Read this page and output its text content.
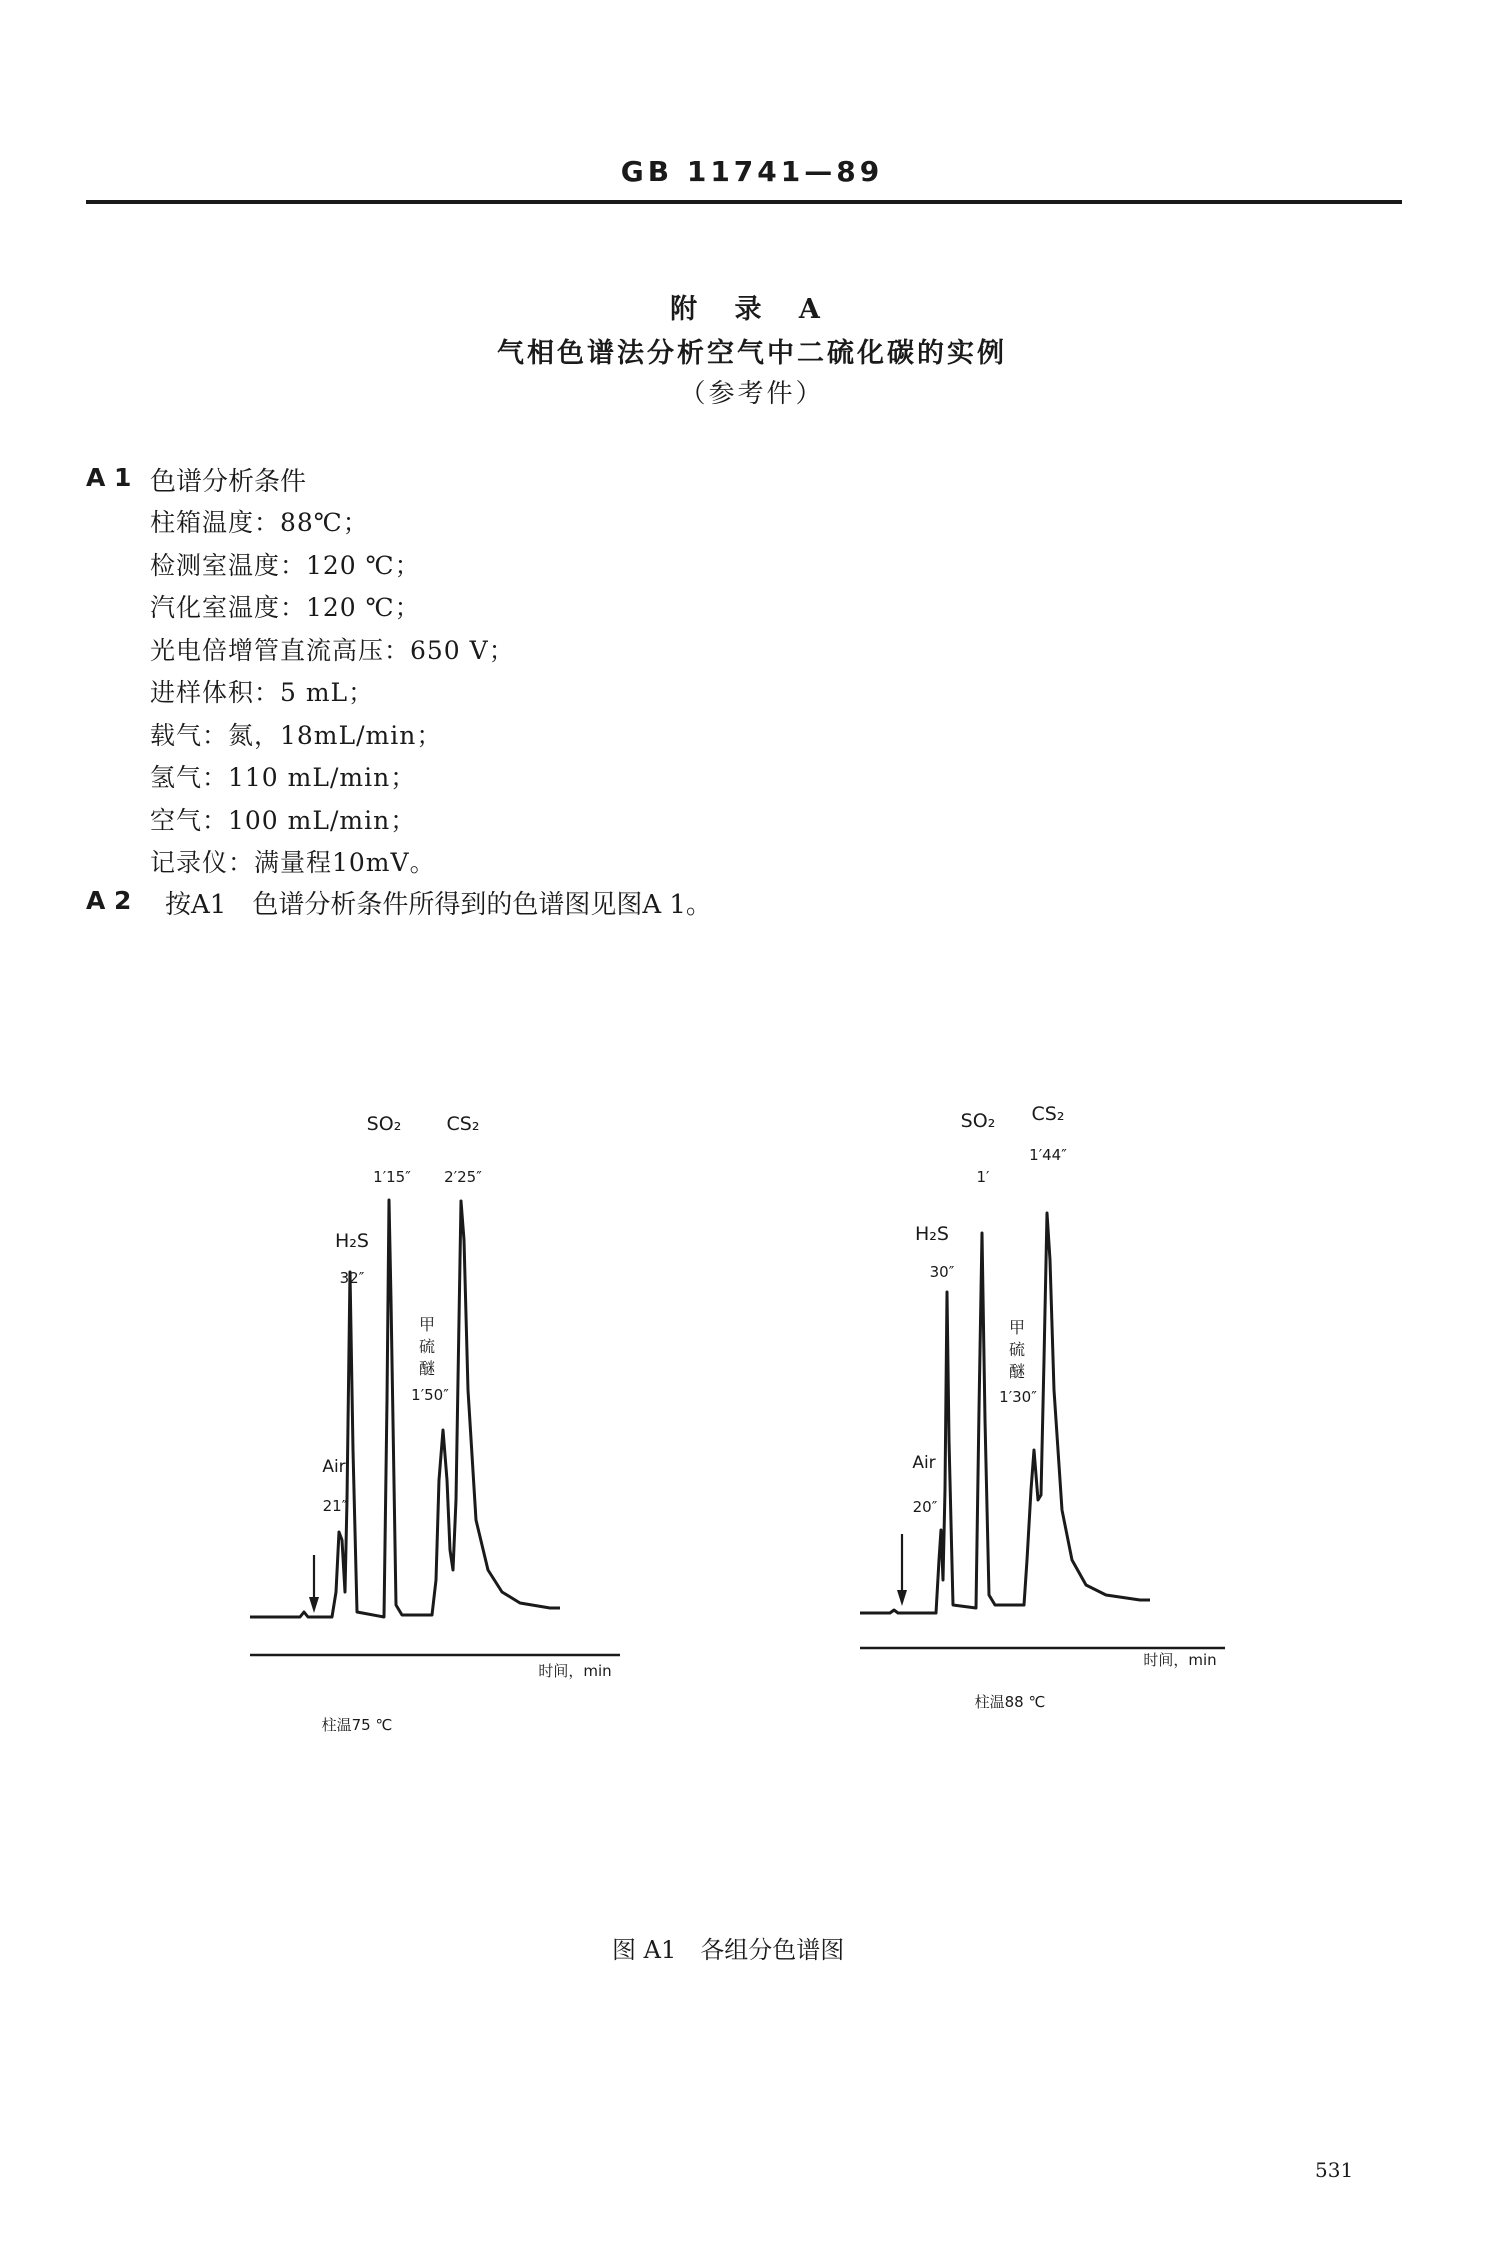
GB 11741—89
附 录 A
气相色谱法分析空气中二硫化碳的实例
（参考件）
A 1 色谱分析条件
柱箱温度：88℃；
检测室温度：120 ℃；
汽化室温度：120 ℃；
光电倍增管直流高压：650 V；
进样体积：5 mL；
载气：氮，18mL/min；
氢气：110 mL/min；
空气：100 mL/min；
记录仪：满量程10mV。
A 2 按A1　色谱分析条件所得到的色谱图见图A 1。
SO₂
1′15″
CS₂
2′25″
H₂S
32″
甲
硫
醚
1′50″
Air
21″
时间，min
柱温75 ℃
SO₂
1′
CS₂
1′44″
H₂S
30″
甲
硫
醚
1′30″
Air
20″
时间，min
柱温88 ℃
图 A1　各组分色谱图
531
